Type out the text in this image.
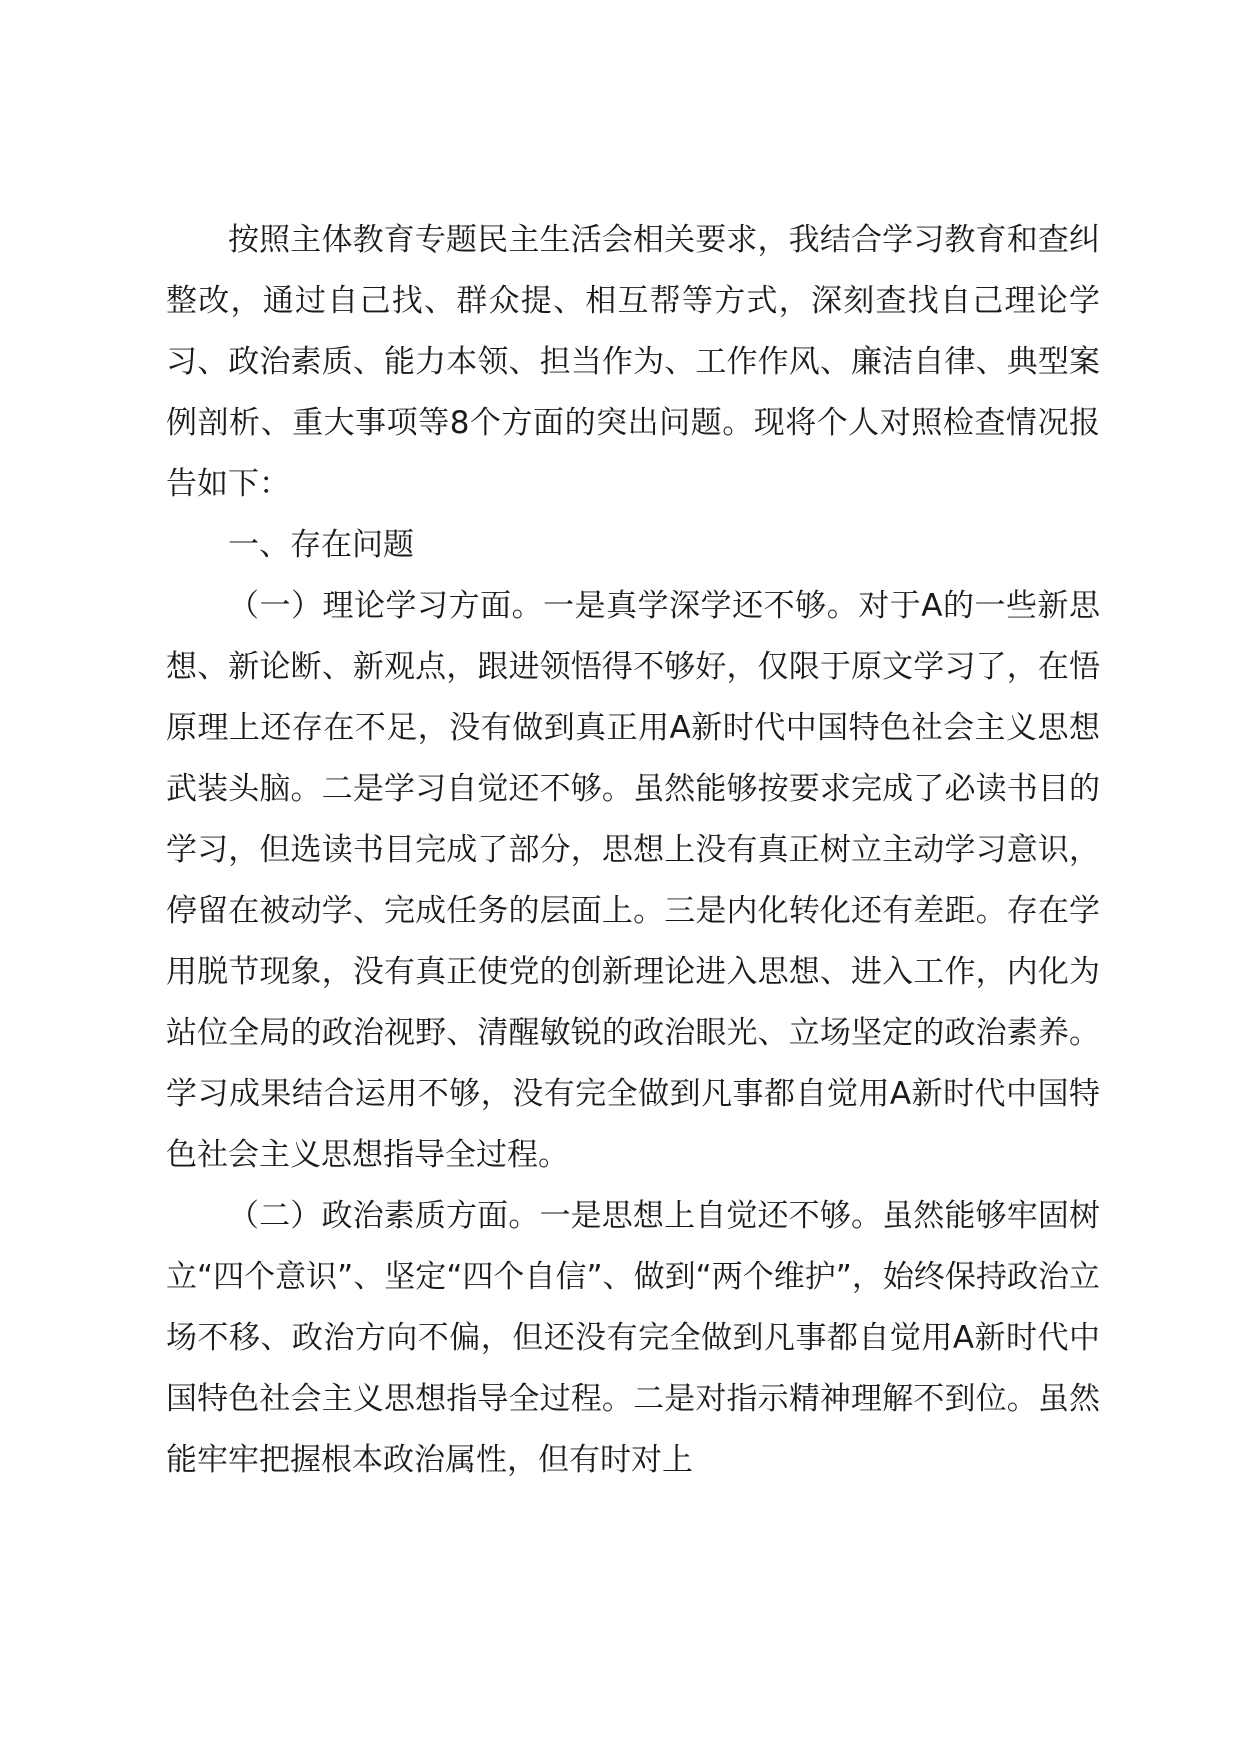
按照主体教育专题民主生活会相关要求，我结合学习教育和查纠整改，通过自己找、群众提、相互帮等方式，深刻查找自己理论学习、政治素质、能力本领、担当作为、工作作风、廉洁自律、典型案例剖析、重大事项等8个方面的突出问题。现将个人对照检查情况报告如下：

一、存在问题

（一）理论学习方面。一是真学深学还不够。对于A的一些新思想、新论断、新观点，跟进领悟得不够好，仅限于原文学习了，在悟原理上还存在不足，没有做到真正用A新时代中国特色社会主义思想武装头脑。二是学习自觉还不够。虽然能够按要求完成了必读书目的学习，但选读书目完成了部分，思想上没有真正树立主动学习意识，停留在被动学、完成任务的层面上。三是内化转化还有差距。存在学用脱节现象，没有真正使党的创新理论进入思想、进入工作，内化为站位全局的政治视野、清醒敏锐的政治眼光、立场坚定的政治素养。学习成果结合运用不够，没有完全做到凡事都自觉用A新时代中国特色社会主义思想指导全过程。

（二）政治素质方面。一是思想上自觉还不够。虽然能够牢固树立“四个意识”、坚定“四个自信”、做到“两个维护”，始终保持政治立场不移、政治方向不偏，但还没有完全做到凡事都自觉用A新时代中国特色社会主义思想指导全过程。二是对指示精神理解不到位。虽然能牢牢把握根本政治属性，但有时对上
